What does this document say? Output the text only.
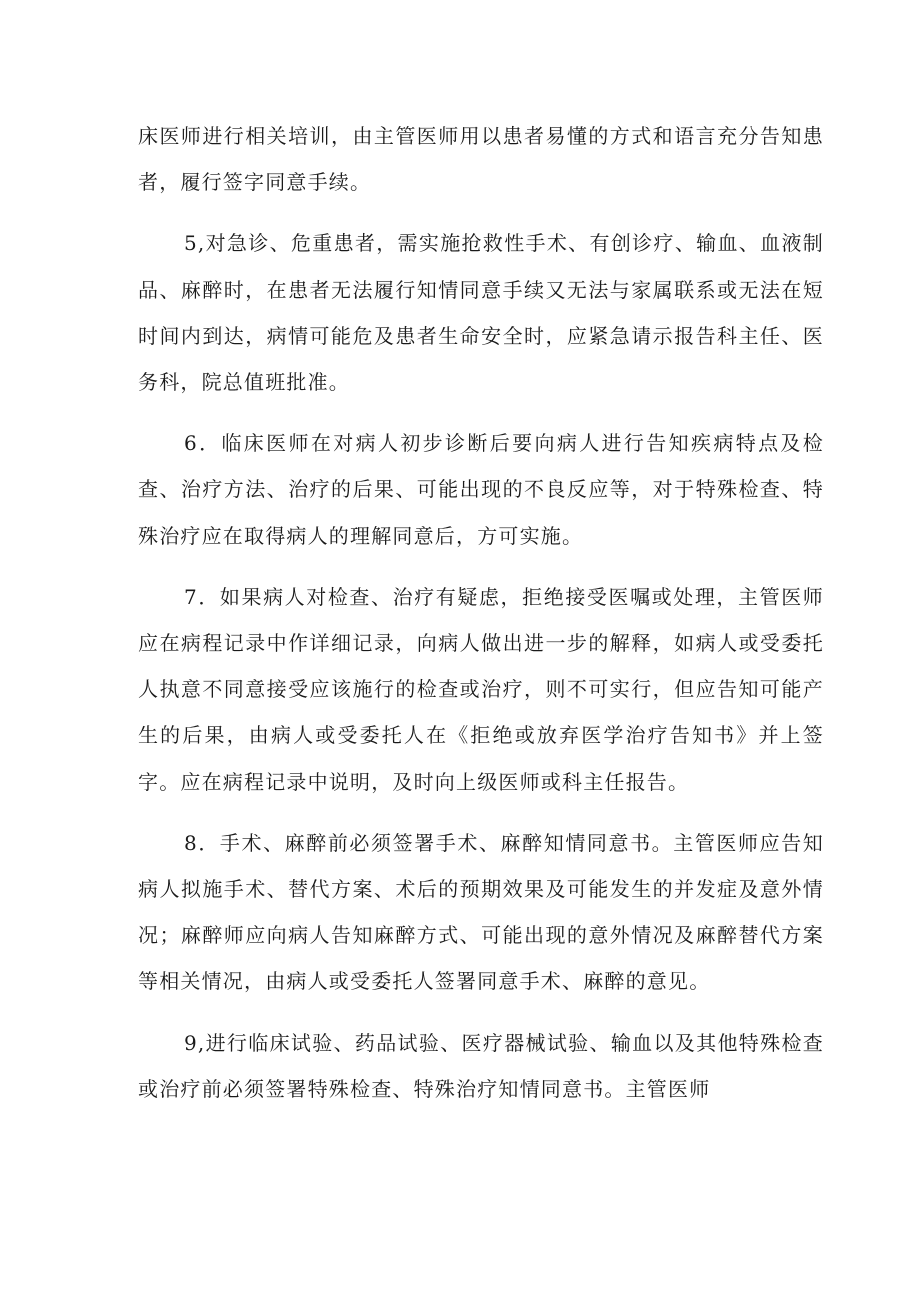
床医师进行相关培训，由主管医师用以患者易懂的方式和语言充分告知患者，履行签字同意手续。

5,对急诊、危重患者，需实施抢救性手术、有创诊疗、输血、血液制品、麻醉时，在患者无法履行知情同意手续又无法与家属联系或无法在短时间内到达，病情可能危及患者生命安全时，应紧急请示报告科主任、医务科，院总值班批准。

6．临床医师在对病人初步诊断后要向病人进行告知疾病特点及检查、治疗方法、治疗的后果、可能出现的不良反应等，对于特殊检查、特殊治疗应在取得病人的理解同意后，方可实施。

7．如果病人对检查、治疗有疑虑，拒绝接受医嘱或处理，主管医师应在病程记录中作详细记录，向病人做出进一步的解释，如病人或受委托人执意不同意接受应该施行的检查或治疗，则不可实行，但应告知可能产生的后果，由病人或受委托人在《拒绝或放弃医学治疗告知书》并上签字。应在病程记录中说明，及时向上级医师或科主任报告。

8．手术、麻醉前必须签署手术、麻醉知情同意书。主管医师应告知病人拟施手术、替代方案、术后的预期效果及可能发生的并发症及意外情况；麻醉师应向病人告知麻醉方式、可能出现的意外情况及麻醉替代方案等相关情况，由病人或受委托人签署同意手术、麻醉的意见。

9,进行临床试验、药品试验、医疗器械试验、输血以及其他特殊检查或治疗前必须签署特殊检查、特殊治疗知情同意书。主管医师
